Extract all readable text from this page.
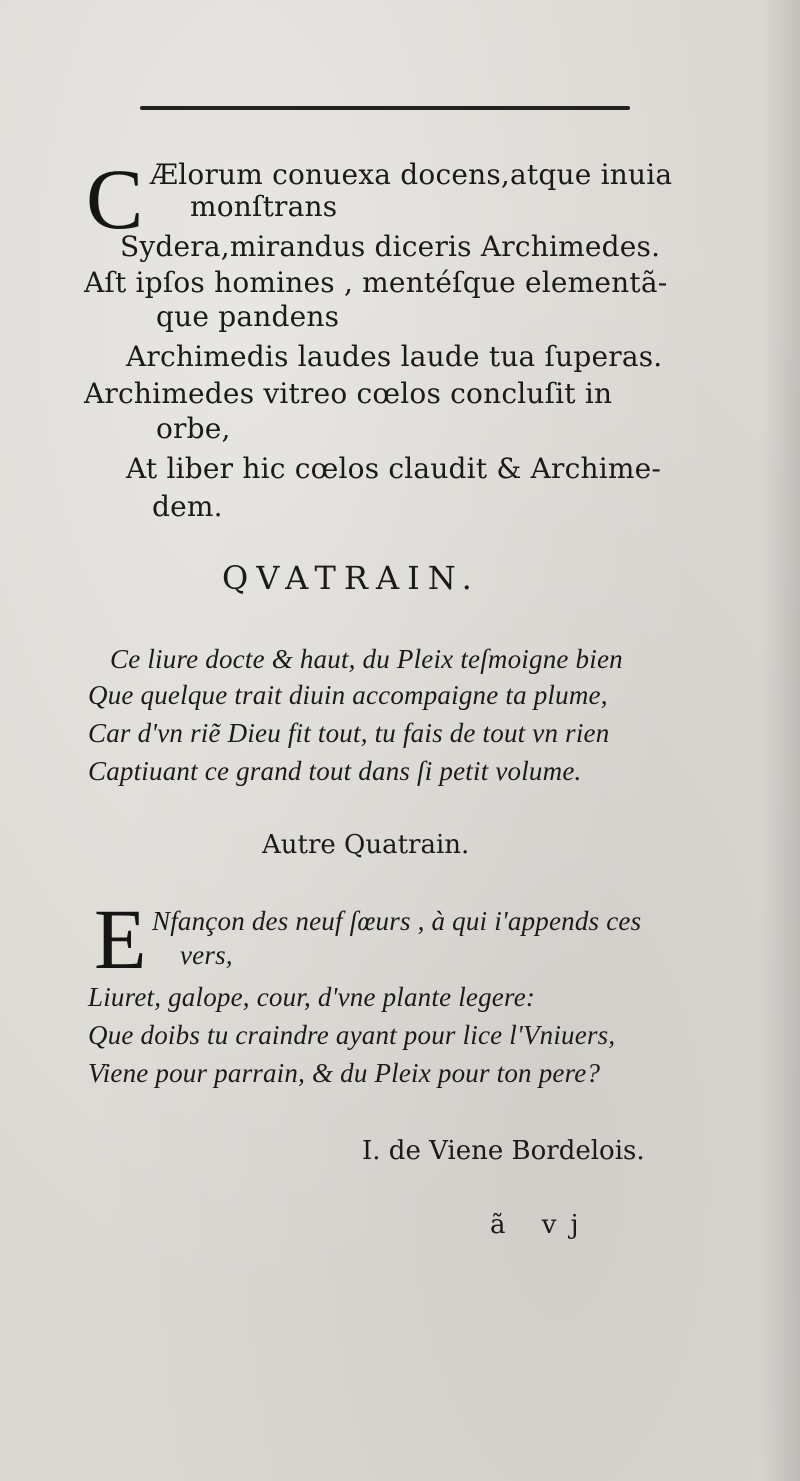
C Ælorum conuexa docens,atque inuia
monſtrans
Sydera,mirandus diceris Archimedes.
Aſt ipſos homines , mentéſque elementã-
que pandens
Archimedis laudes laude tua ſuperas.
Archimedes vitreo cœlos concluſit in
orbe,
At liber hic cœlos claudit & Archime-
dem.
QVATRAIN.
Ce liure docte & haut, du Pleix teſmoigne bien
Que quelque trait diuin accompaigne ta plume,
Car d'vn riẽ Dieu fit tout, tu fais de tout vn rien
Captiuant ce grand tout dans ſi petit volume.
Autre Quatrain.
E Nfançon des neuf ſœurs , à qui i'appends ces
vers,
Liuret, galope, cour, d'vne plante legere:
Que doibs tu craindre ayant pour lice l'Vniuers,
Viene pour parrain, & du Pleix pour ton pere?
I. de Viene Bordelois.
ã vj
